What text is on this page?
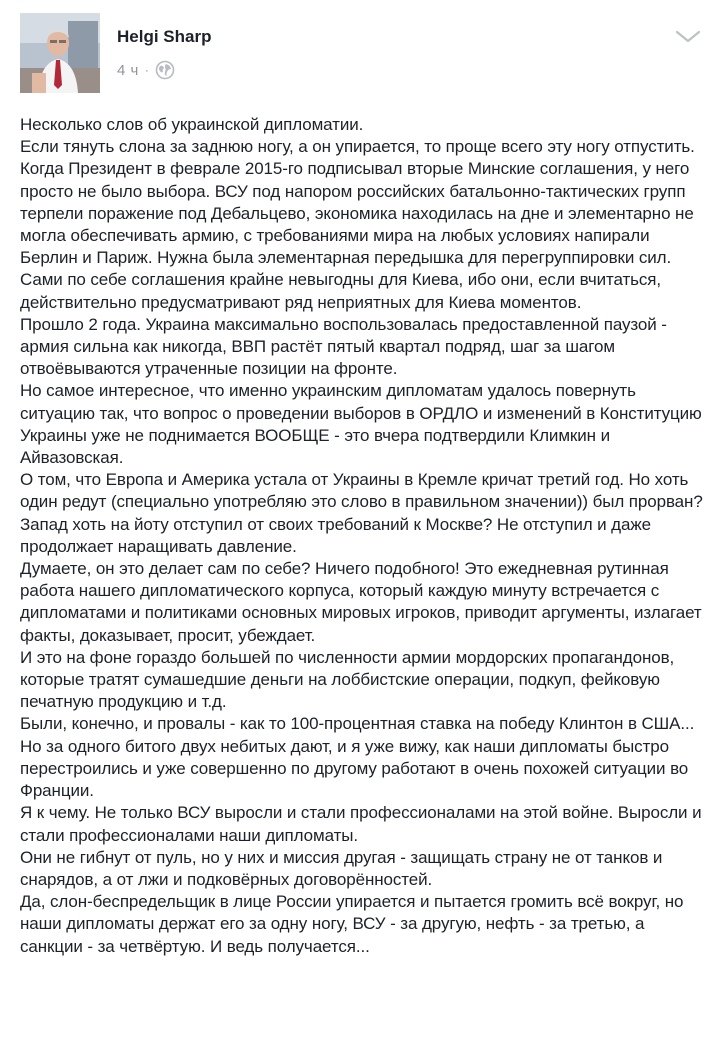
Helgi Sharp
4 ч ·

Несколько слов об украинской дипломатии.

Если тянуть слона за заднюю ногу, а он упирается, то проще всего эту ногу отпустить.

Когда Президент в феврале 2015-го подписывал вторые Минские соглашения, у него просто не было выбора. ВСУ под напором российских батальонно-тактических групп терпели поражение под Дебальцево, экономика находилась на дне и элементарно не могла обеспечивать армию, с требованиями мира на любых условиях напирали Берлин и Париж. Нужна была элементарная передышка для перегруппировки сил.

Сами по себе соглашения крайне невыгодны для Киева, ибо они, если вчитаться, действительно предусматривают ряд неприятных для Киева моментов.

Прошло 2 года. Украина максимально воспользовалась предоставленной паузой - армия сильна как никогда, ВВП растёт пятый квартал подряд, шаг за шагом отвоёвываются утраченные позиции на фронте.

Но самое интересное, что именно украинским дипломатам удалось повернуть ситуацию так, что вопрос о проведении выборов в ОРДЛО и изменений в Конституцию Украины уже не поднимается ВООБЩЕ - это вчера подтвердили Климкин и Айвазовская.

О том, что Европа и Америка устала от Украины в Кремле кричат третий год. Но хоть один редут (специально употребляю это слово в правильном значении)) был прорван? Запад хоть на йоту отступил от своих требований к Москве? Не отступил и даже продолжает наращивать давление.

Думаете, он это делает сам по себе? Ничего подобного! Это ежедневная рутинная работа нашего дипломатического корпуса, который каждую минуту встречается с дипломатами и политиками основных мировых игроков, приводит аргументы, излагает факты, доказывает, просит, убеждает.

И это на фоне гораздо большей по численности армии мордорских пропагандонов, которые тратят сумашедшие деньги на лоббистские операции, подкуп, фейковую печатную продукцию и т.д.

Были, конечно, и провалы - как то 100-процентная ставка на победу Клинтон в США... Но за одного битого двух небитых дают, и я уже вижу, как наши дипломаты быстро перестроились и уже совершенно по другому работают в очень похожей ситуации во Франции.

Я к чему. Не только ВСУ выросли и стали профессионалами на этой войне. Выросли и стали профессионалами наши дипломаты.

Они не гибнут от пуль, но у них и миссия другая - защищать страну не от танков и снарядов, а от лжи и подковёрных договорённостей.

Да, слон-беспредельщик в лице России упирается и пытается громить всё вокруг, но наши дипломаты держат его за одну ногу, ВСУ - за другую, нефть - за третью, а санкции - за четвёртую. И ведь получается...
